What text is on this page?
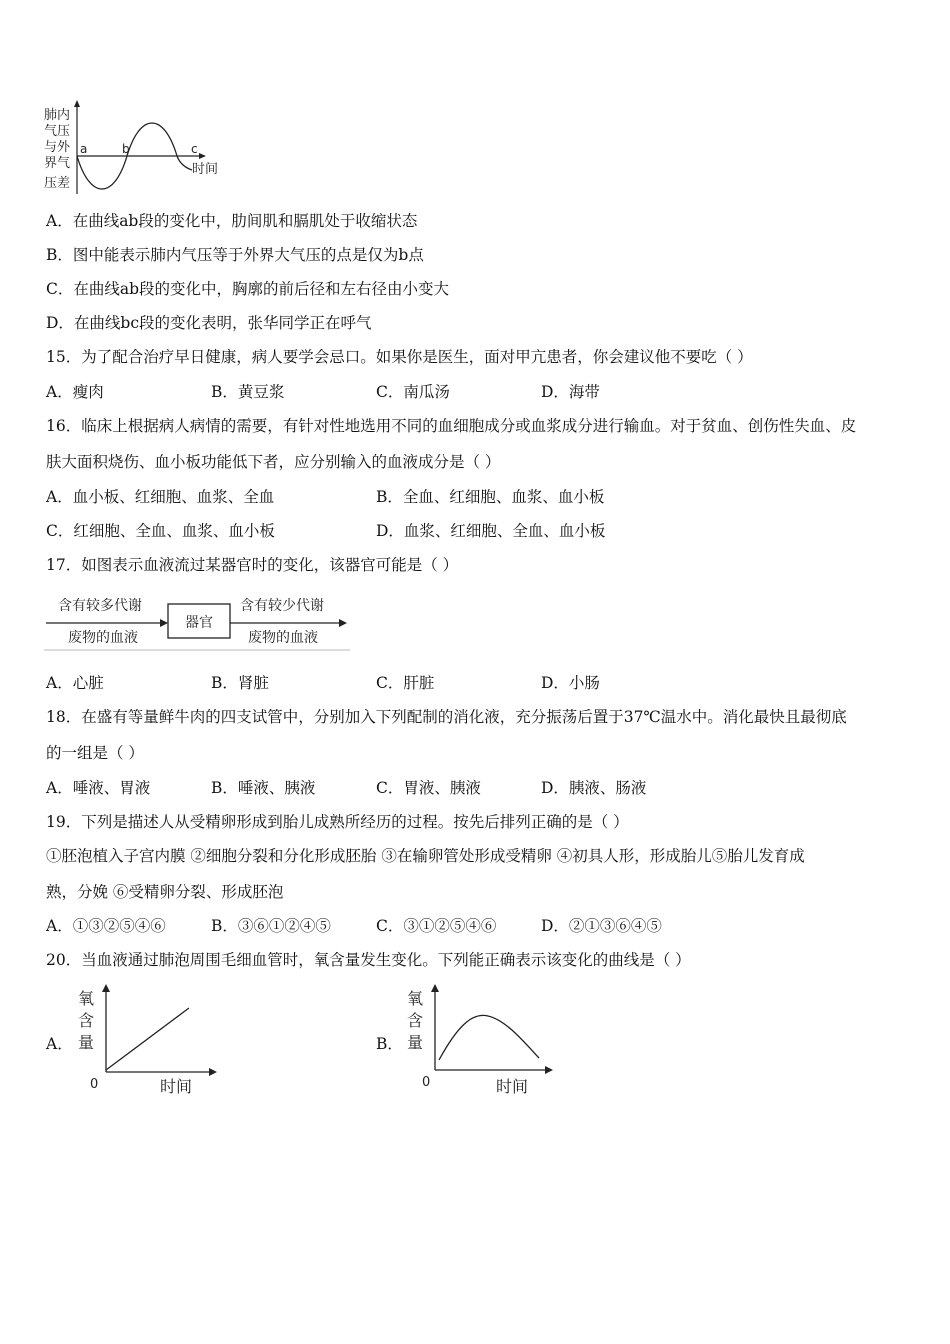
肺内
气压
与外
界气
压差
a	b	c
时间
A．在曲线ab段的变化中，肋间肌和膈肌处于收缩状态
B．图中能表示肺内气压等于外界大气压的点是仅为b点
C．在曲线ab段的变化中，胸廓的前后径和左右径由小变大
D．在曲线bc段的变化表明，张华同学正在呼气
15．为了配合治疗早日健康，病人要学会忌口。如果你是医生，面对甲亢患者，你会建议他不要吃（ ）
A．瘦肉	B．黄豆浆	C．南瓜汤	D．海带
16．临床上根据病人病情的需要，有针对性地选用不同的血细胞成分或血浆成分进行输血。对于贫血、创伤性失血、皮
肤大面积烧伤、血小板功能低下者，应分别输入的血液成分是（ ）
A．血小板、红细胞、血浆、全血	B．全血、红细胞、血浆、血小板
C．红细胞、全血、血浆、血小板	D．血浆、红细胞、全血、血小板
17．如图表示血液流过某器官时的变化，该器官可能是（ ）
含有较多代谢
废物的血液
器官
含有较少代谢
废物的血液
A．心脏	B．肾脏	C．肝脏	D．小肠
18．在盛有等量鲜牛肉的四支试管中，分别加入下列配制的消化液，充分振荡后置于37℃温水中。消化最快且最彻底
的一组是（ ）
A．唾液、胃液	B．唾液、胰液	C．胃液、胰液	D．胰液、肠液
19．下列是描述人从受精卵形成到胎儿成熟所经历的过程。按先后排列正确的是（ ）
①胚泡植入子宫内膜 ②细胞分裂和分化形成胚胎 ③在输卵管处形成受精卵 ④初具人形，形成胎儿⑤胎儿发育成
熟，分娩 ⑥受精卵分裂、形成胚泡
A．①③②⑤④⑥	B．③⑥①②④⑤	C．③①②⑤④⑥	D．②①③⑥④⑤
20．当血液通过肺泡周围毛细血管时，氧含量发生变化。下列能正确表示该变化的曲线是（ ）
A．
氧
含
量
0	时间
B．
氧
含
量
0	时间
